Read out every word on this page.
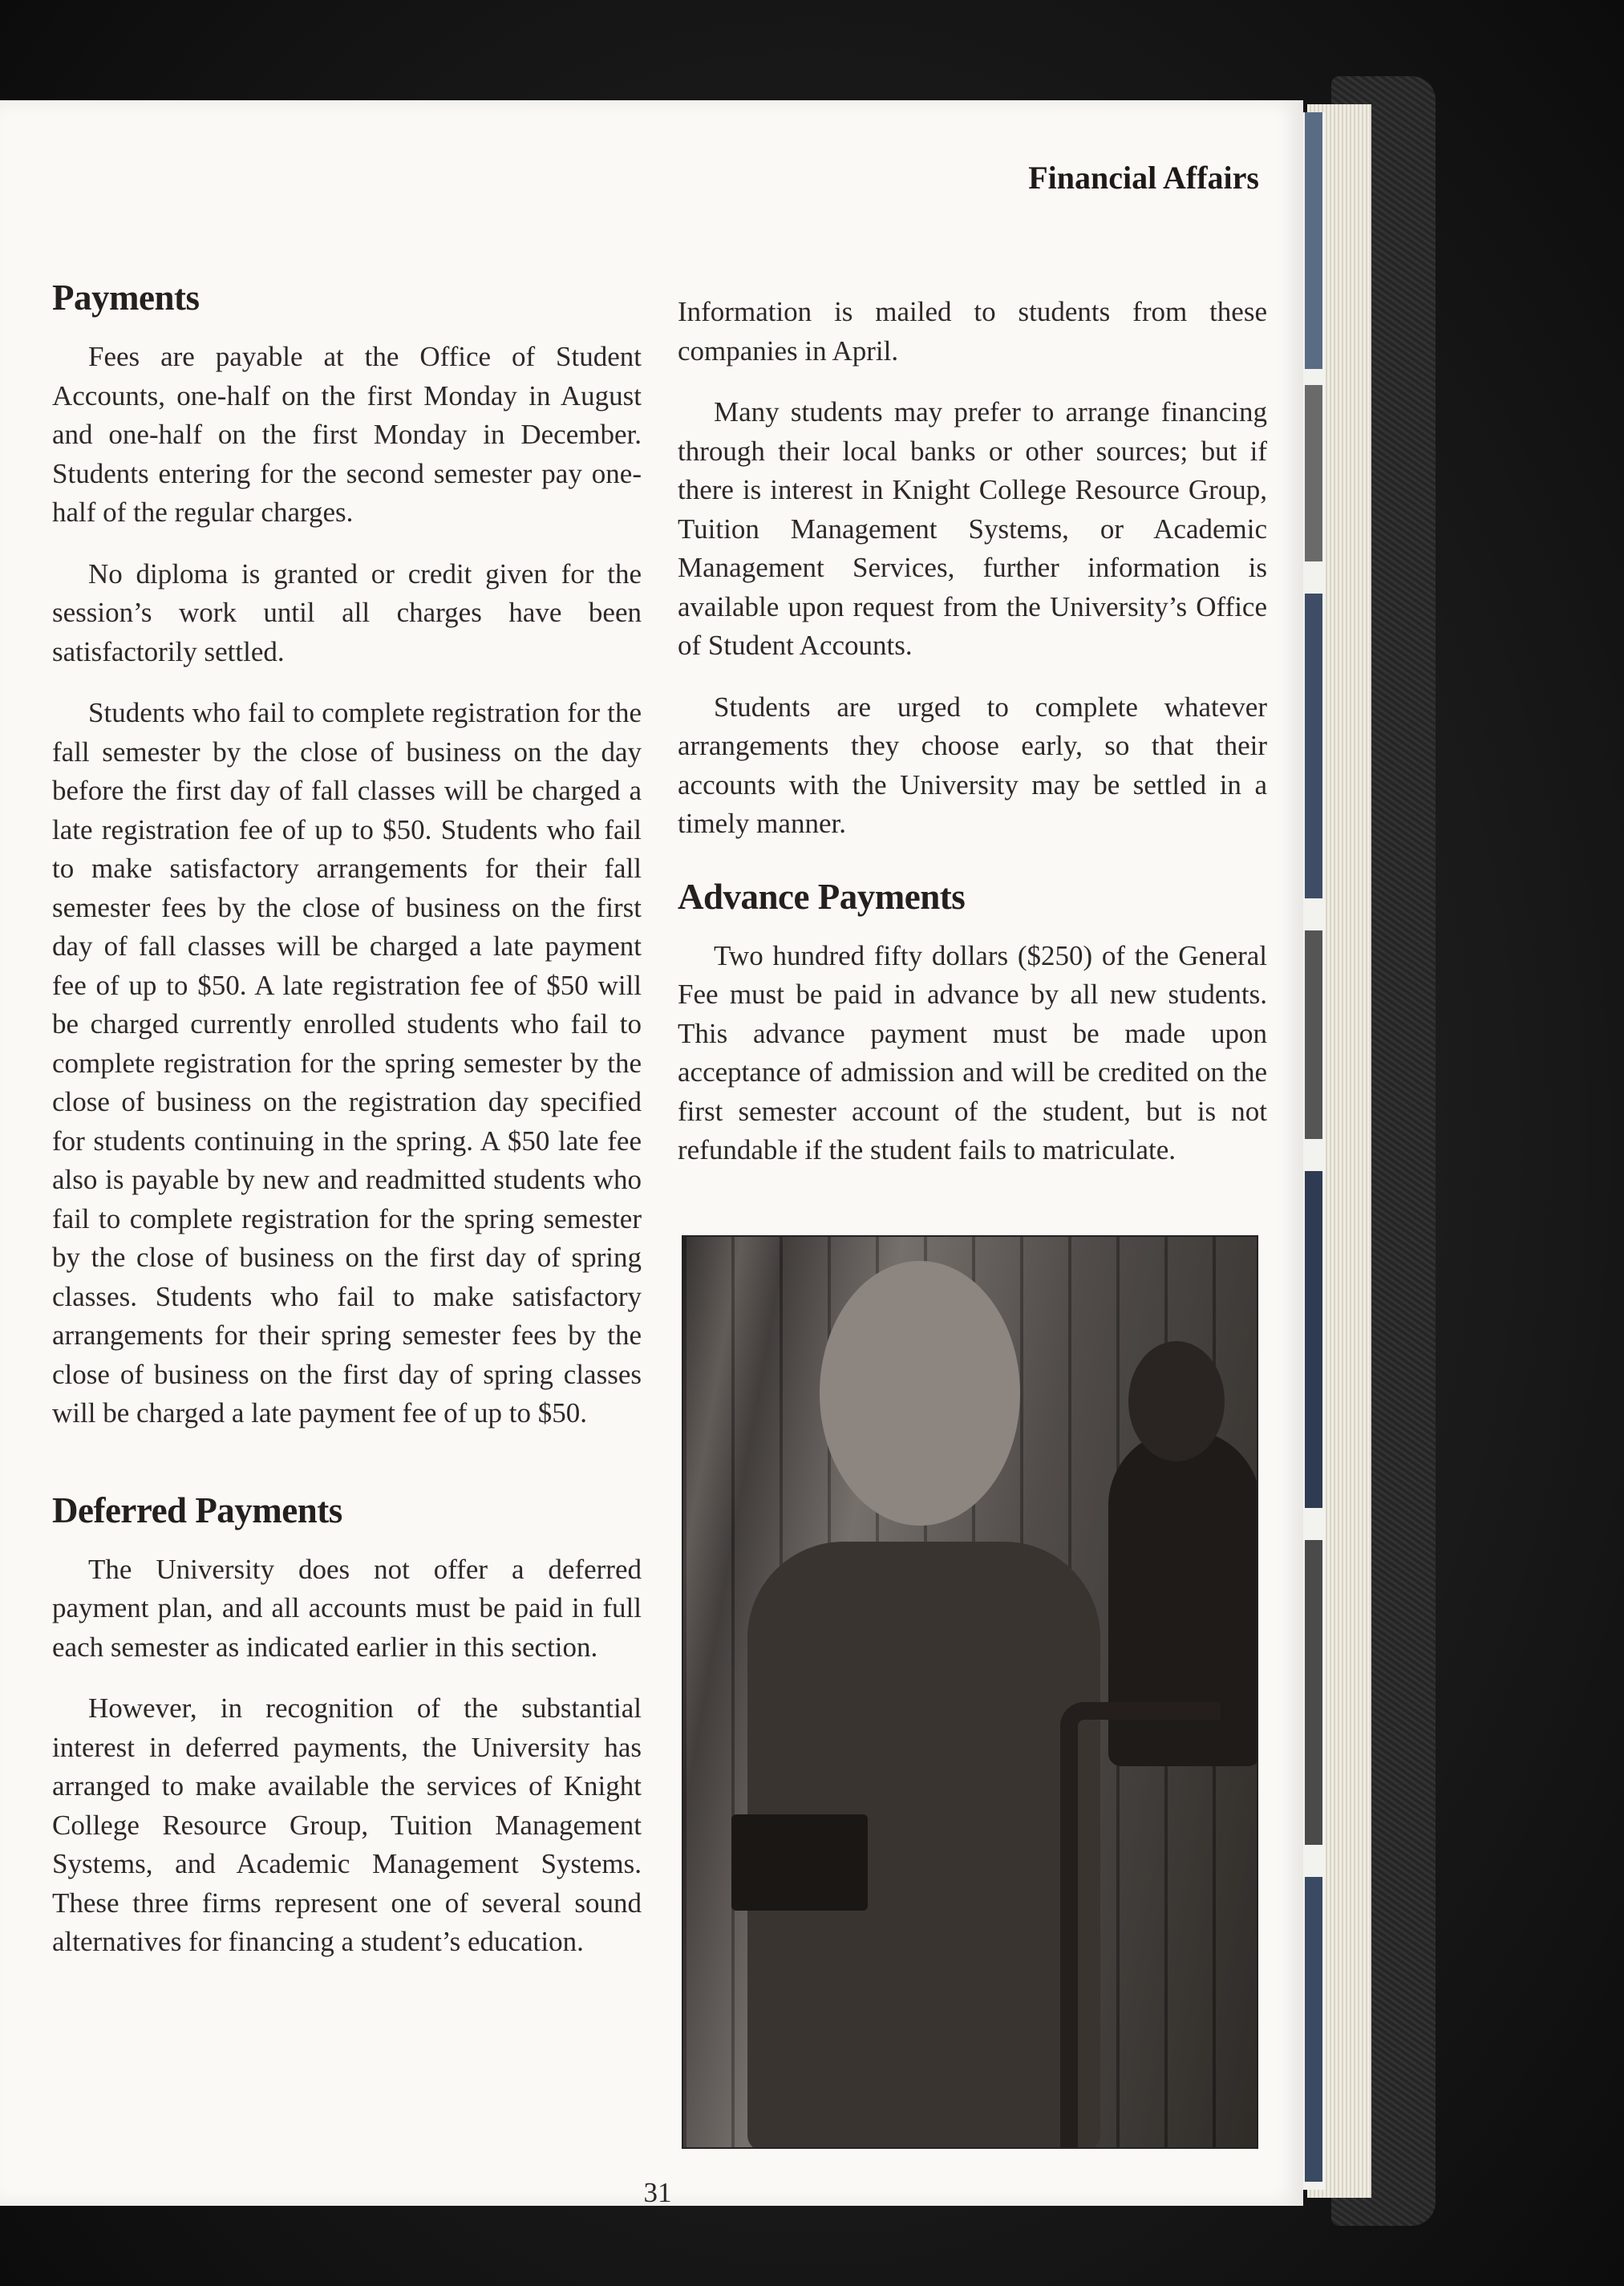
Financial Affairs

Payments

Fees are payable at the Office of Student Accounts, one-half on the first Monday in August and one-half on the first Monday in December. Students entering for the second semester pay one-half of the regular charges.

No diploma is granted or credit given for the session’s work until all charges have been satisfactorily settled.

Students who fail to complete registration for the fall semester by the close of business on the day before the first day of fall classes will be charged a late registration fee of up to $50. Students who fail to make satisfactory arrangements for their fall semester fees by the close of business on the first day of fall classes will be charged a late payment fee of up to $50. A late registration fee of $50 will be charged currently enrolled students who fail to complete registration for the spring semester by the close of business on the registration day specified for students continuing in the spring. A $50 late fee also is payable by new and readmitted students who fail to complete registration for the spring semester by the close of business on the first day of spring classes. Students who fail to make satisfactory arrangements for their spring semester fees by the close of business on the first day of spring classes will be charged a late payment fee of up to $50.

Deferred Payments

The University does not offer a deferred payment plan, and all accounts must be paid in full each semester as indicated earlier in this section.

However, in recognition of the substantial interest in deferred payments, the University has arranged to make available the services of Knight College Resource Group, Tuition Management Systems, and Academic Management Systems. These three firms represent one of several sound alternatives for financing a student’s education.

Information is mailed to students from these companies in April.

Many students may prefer to arrange financing through their local banks or other sources; but if there is interest in Knight College Resource Group, Tuition Management Systems, or Academic Management Services, further information is available upon request from the University’s Office of Student Accounts.

Students are urged to complete whatever arrangements they choose early, so that their accounts with the University may be settled in a timely manner.

Advance Payments

Two hundred fifty dollars ($250) of the General Fee must be paid in advance by all new students. This advance payment must be made upon acceptance of admission and will be credited on the first semester account of the student, but is not refundable if the student fails to matriculate.

31
